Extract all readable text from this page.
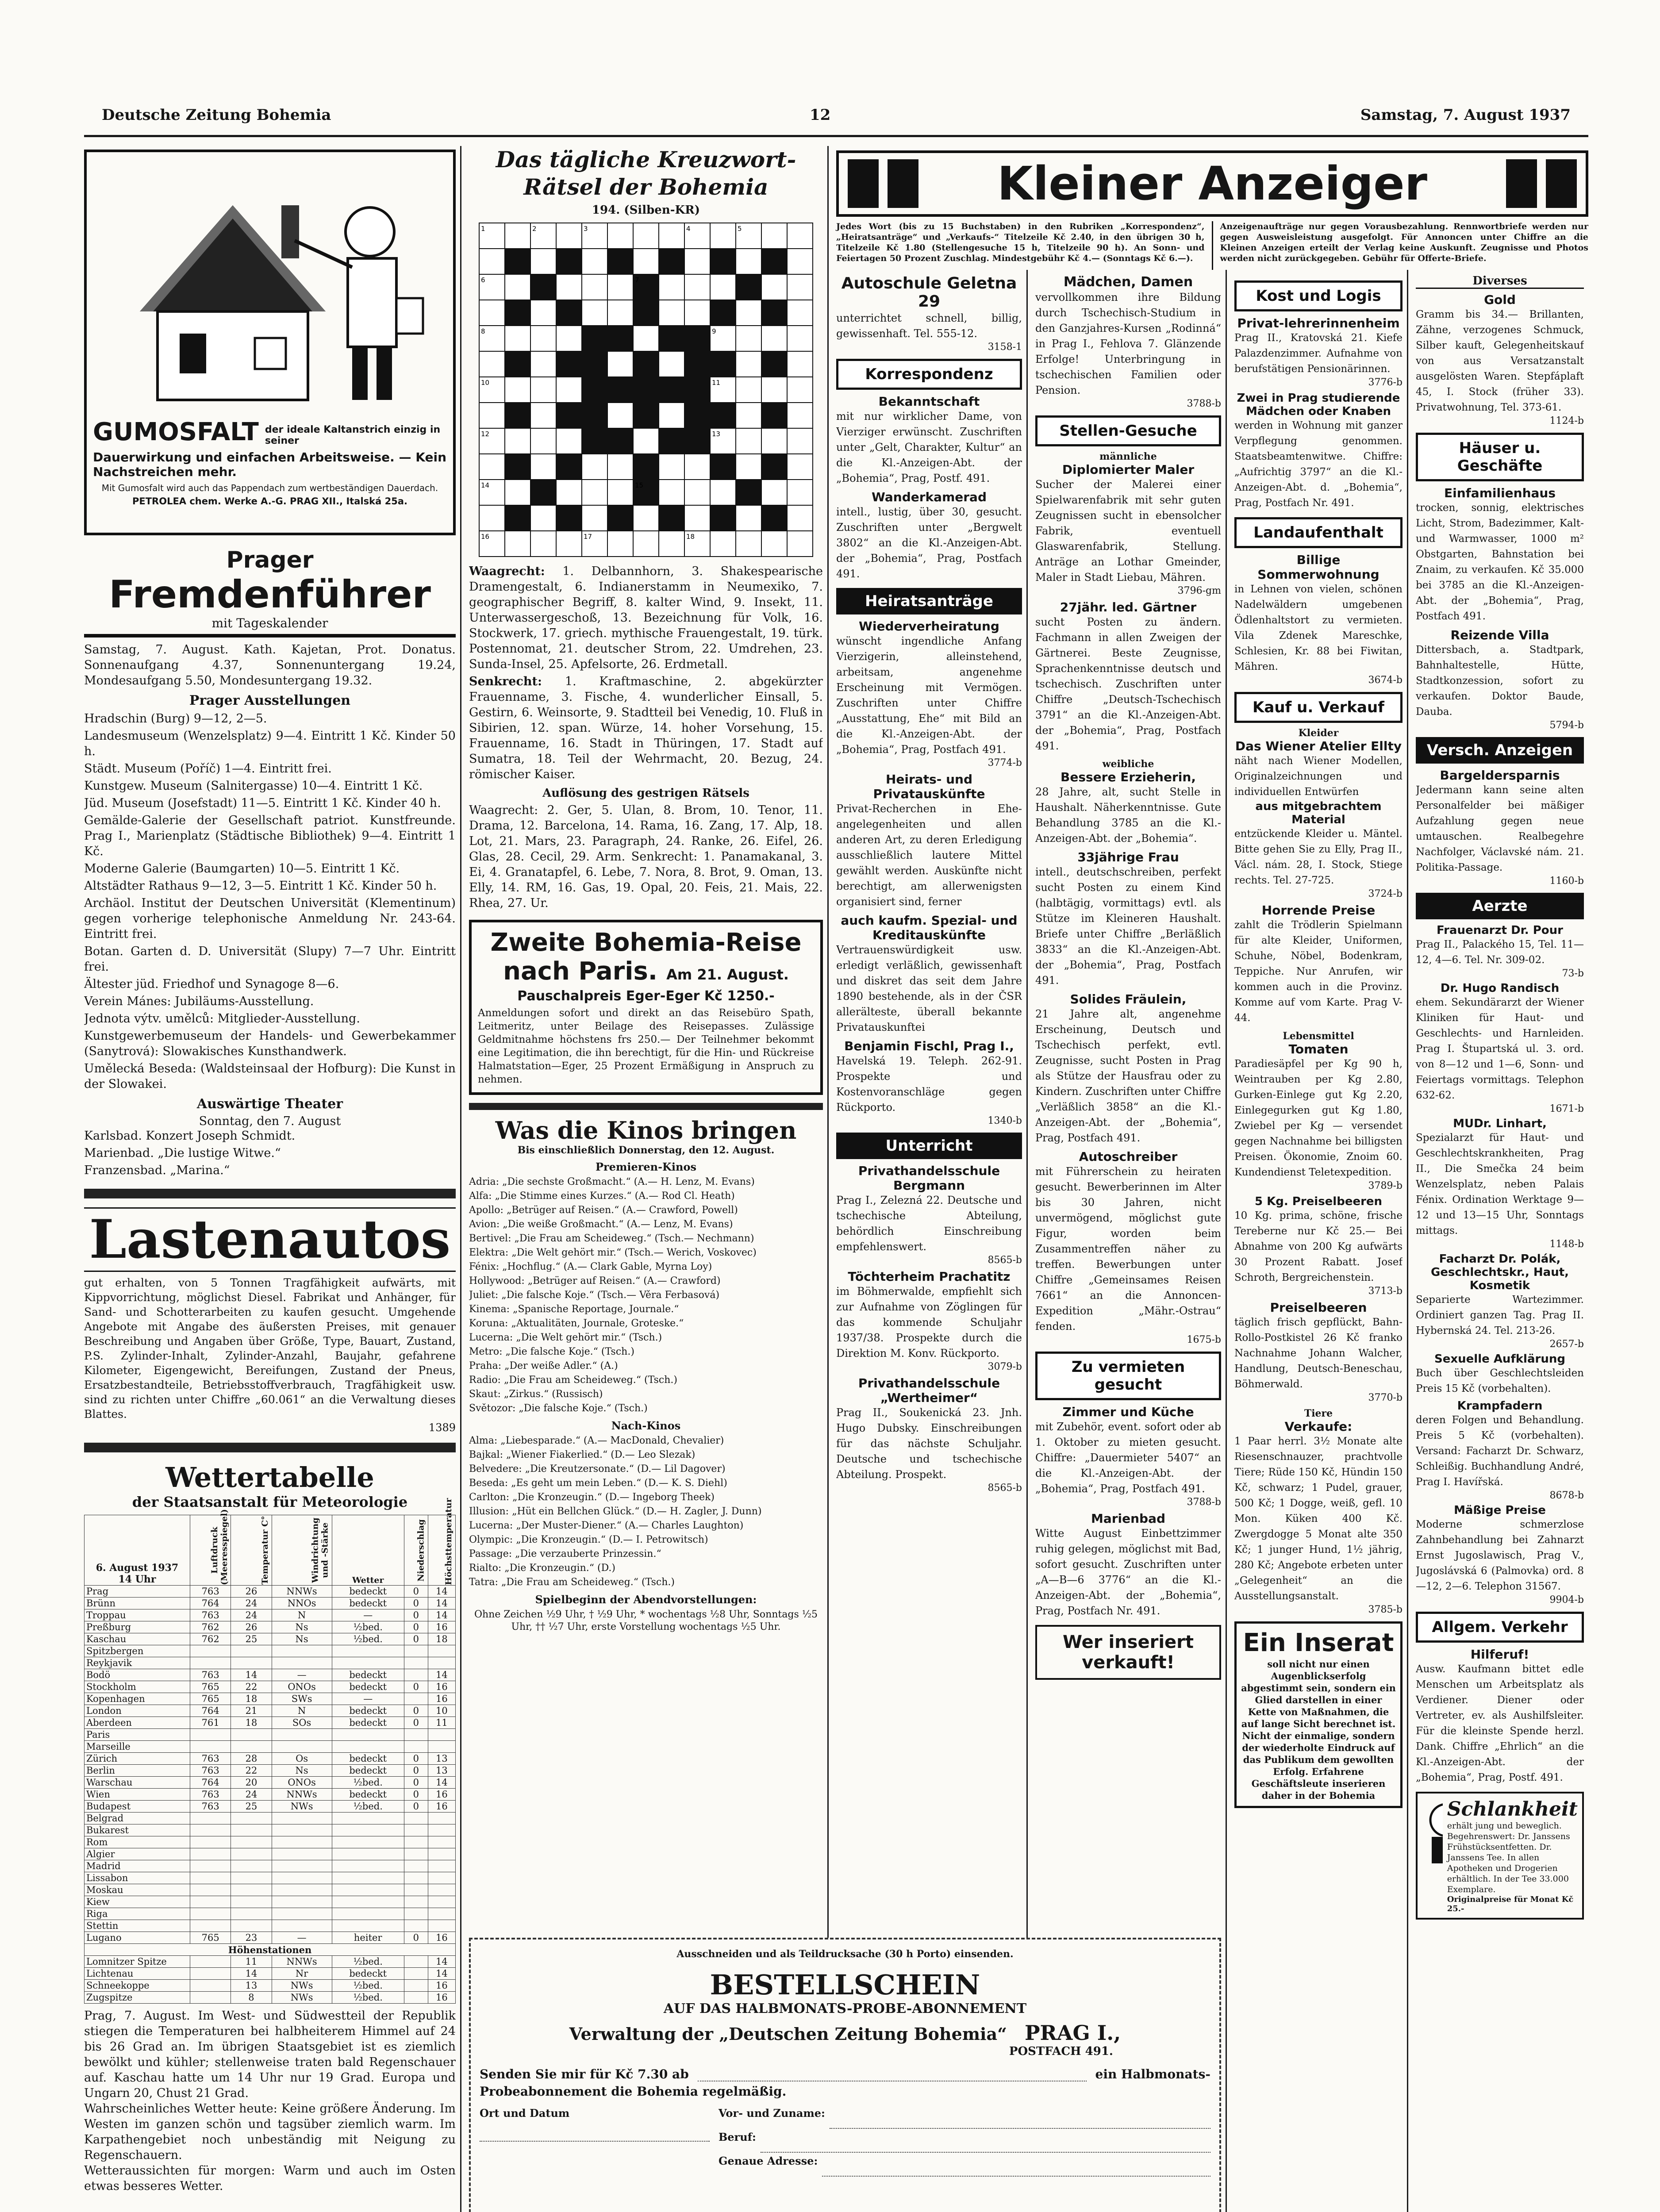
Deutsche Zeitung Bohemia	12	Samstag, 7. August 1937
GUMOSFALT der ideale Kaltanstrich einzig in seiner
Dauerwirkung und einfachen Arbeitsweise. — Kein Nachstreichen mehr.
Mit Gumosfalt wird auch das Pappendach zum wertbeständigen Dauerdach.
PETROLEA chem. Werke A.-G. PRAG XII., Italská 25a.
Prager
Fremdenführer
mit Tageskalender
Samstag, 7. August. Kath. Kajetan, Prot. Donatus. Sonnenaufgang 4.37, Sonnenuntergang 19.24, Mondesaufgang 5.50, Mondesuntergang 19.32.
Prager Ausstellungen

Hradschin (Burg) 9—12, 2—5.

Landesmuseum (Wenzelsplatz) 9—4. Eintritt 1 Kč. Kinder 50 h.

Städt. Museum (Poříč) 1—4. Eintritt frei.

Kunstgew. Museum (Salnitergasse) 10—4. Eintritt 1 Kč.

Jüd. Museum (Josefstadt) 11—5. Eintritt 1 Kč. Kinder 40 h.

Gemälde-Galerie der Gesellschaft patriot. Kunstfreunde. Prag I., Marienplatz (Städtische Bibliothek) 9—4. Eintritt 1 Kč.

Moderne Galerie (Baumgarten) 10—5. Eintritt 1 Kč.

Altstädter Rathaus 9—12, 3—5. Eintritt 1 Kč. Kinder 50 h.

Archäol. Institut der Deutschen Universität (Klementinum) gegen vorherige telephonische Anmeldung Nr. 243-64. Eintritt frei.

Botan. Garten d. D. Universität (Slupy) 7—7 Uhr. Eintritt frei.

Ältester jüd. Friedhof und Synagoge 8—6.

Verein Mánes: Jubiläums-Ausstellung.

Jednota výtv. umělců: Mitglieder-Ausstellung.

Kunstgewerbemuseum der Handels- und Gewerbekammer (Sanytrová): Slowakisches Kunsthandwerk.

Umělecká Beseda: (Waldsteinsaal der Hofburg): Die Kunst in der Slowakei.

Auswärtige Theater
Sonntag, den 7. August

Karlsbad. Konzert Joseph Schmidt.

Marienbad. „Die lustige Witwe.“

Franzensbad. „Marina.“

Lastenautos
gut erhalten, von 5 Tonnen Tragfähigkeit aufwärts, mit Kippvorrichtung, möglichst Diesel. Fabrikat und Anhänger, für Sand- und Schotterarbeiten zu kaufen gesucht. Umgehende Angebote mit Angabe des äußersten Preises, mit genauer Beschreibung und Angaben über Größe, Type, Bauart, Zustand, P.S. Zylinder-Inhalt, Zylinder-Anzahl, Baujahr, gefahrene Kilometer, Eigengewicht, Bereifungen, Zustand der Pneus, Ersatzbestandteile, Betriebsstoffverbrauch, Tragfähigkeit usw. sind zu richten unter Chiffre „60.061“ an die Verwaltung dieses Blattes.
1389
Wettertabelle
der Staatsanstalt für Meteorologie
6. August 1937
14 Uhr	Luftdruck (Meeresspiegel)	Temperatur C°	Windrichtung und -Stärke	Wetter	Niederschlag	Höchsttemperatur
Prag	763	26	NNWs	bedeckt	0	14
Brünn	764	24	NNOs	bedeckt	0	14
Troppau	763	24	N	—	0	14
Preßburg	762	26	Ns	½bed.	0	16
Kaschau	762	25	Ns	½bed.	0	18
Spitzbergen						
Reykjavik						
Bodö	763	14	—	bedeckt		14
Stockholm	765	22	ONOs	bedeckt	0	16
Kopenhagen	765	18	SWs	—		16
London	764	21	N	bedeckt	0	10
Aberdeen	761	18	SOs	bedeckt	0	11
Paris						
Marseille						
Zürich	763	28	Os	bedeckt	0	13
Berlin	763	22	Ns	bedeckt	0	13
Warschau	764	20	ONOs	½bed.	0	14
Wien	763	24	NNWs	bedeckt	0	16
Budapest	763	25	NWs	½bed.	0	16
Belgrad						
Bukarest						
Rom						
Algier						
Madrid						
Lissabon						
Moskau						
Kiew						
Riga						
Stettin						
Lugano	765	23	—	heiter	0	16
Höhenstationen						
Lomnitzer Spitze		11	NNWs	½bed.		14
Lichtenau		14	Nr	bedeckt		14
Schneekoppe		13	NWs	½bed.		16
Zugspitze		8	NWs	½bed.		16
Prag, 7. August. Im West- und Südwestteil der Republik stiegen die Temperaturen bei halbheiterem Himmel auf 24 bis 26 Grad an. Im übrigen Staatsgebiet ist es ziemlich bewölkt und kühler; stellenweise traten bald Regenschauer auf. Kaschau hatte um 14 Uhr nur 19 Grad. Europa und Ungarn 20, Chust 21 Grad.
Wahrscheinliches Wetter heute: Keine größere Änderung. Im Westen im ganzen schön und tagsüber ziemlich warm. Im Karpathengebiet noch unbeständig mit Neigung zu Regenschauern.
Wetteraussichten für morgen: Warm und auch im Osten etwas besseres Wetter.
Das tägliche Kreuzwort-
Rätsel der Bohemia
194. (Silben-KR)
1	2	3	4	5
6	7
8	9
10	11
12	13
14	15
16	17	18

Waagrecht: 1. Delbannhorn, 3. Shakespearische Dramengestalt, 6. Indianerstamm in Neumexiko, 7. geographischer Begriff, 8. kalter Wind, 9. Insekt, 11. Unterwassergeschoß, 13. Bezeichnung für Volk, 16. Stockwerk, 17. griech. mythische Frauengestalt, 19. türk. Postennomat, 21. deutscher Strom, 22. Umdrehen, 23. Sunda-Insel, 25. Apfelsorte, 26. Erdmetall.

Senkrecht: 1. Kraftmaschine, 2. abgekürzter Frauenname, 3. Fische, 4. wunderlicher Einsall, 5. Gestirn, 6. Weinsorte, 9. Stadtteil bei Venedig, 10. Fluß in Sibirien, 12. span. Würze, 14. hoher Vorsehung, 15. Frauenname, 16. Stadt in Thüringen, 17. Stadt auf Sumatra, 18. Teil der Wehrmacht, 20. Bezug, 24. römischer Kaiser.

Auflösung des gestrigen Rätsels
Waagrecht: 2. Ger, 5. Ulan, 8. Brom, 10. Tenor, 11. Drama, 12. Barcelona, 14. Rama, 16. Zang, 17. Alp, 18. Lot, 21. Mars, 23. Paragraph, 24. Ranke, 26. Eifel, 26. Glas, 28. Cecil, 29. Arm. Senkrecht: 1. Panamakanal, 3. Ei, 4. Granatapfel, 6. Lebe, 7. Nora, 8. Brot, 9. Oman, 13. Elly, 14. RM, 16. Gas, 19. Opal, 20. Feis, 21. Mais, 22. Rhea, 27. Ur.
Zweite Bohemia-Reise
nach Paris. Am 21. August.
Pauschalpreis Eger-Eger Kč 1250.-
Anmeldungen sofort und direkt an das Reisebüro Spath, Leitmeritz, unter Beilage des Reisepasses. Zulässige Geldmitnahme höchstens frs 250.— Der Teilnehmer bekommt eine Legitimation, die ihn berechtigt, für die Hin- und Rückreise Halmatstation—Eger, 25 Prozent Ermäßigung in Anspruch zu nehmen.
Was die Kinos bringen
Bis einschließlich Donnerstag, den 12. August.
Premieren-Kinos

Adria: „Die sechste Großmacht.“ (A.— H. Lenz, M. Evans)

Alfa: „Die Stimme eines Kurzes.“ (A.— Rod Cl. Heath)

Apollo: „Betrüger auf Reisen.“ (A.— Crawford, Powell)

Avion: „Die weiße Großmacht.“ (A.— Lenz, M. Evans)

Bertivel: „Die Frau am Scheideweg.“ (Tsch.— Nechmann)

Elektra: „Die Welt gehört mir.“ (Tsch.— Werich, Voskovec)

Fénix: „Hochflug.“ (A.— Clark Gable, Myrna Loy)

Hollywood: „Betrüger auf Reisen.“ (A.— Crawford)

Juliet: „Die falsche Koje.“ (Tsch.— Věra Ferbasová)

Kinema: „Spanische Reportage, Journale.“

Koruna: „Aktualitäten, Journale, Groteske.“

Lucerna: „Die Welt gehört mir.“ (Tsch.)

Metro: „Die falsche Koje.“ (Tsch.)

Praha: „Der weiße Adler.“ (A.)

Radio: „Die Frau am Scheideweg.“ (Tsch.)

Skaut: „Zirkus.“ (Russisch)

Světozor: „Die falsche Koje.“ (Tsch.)

Nach-Kinos

Alma: „Liebesparade.“ (A.— MacDonald, Chevalier)

Bajkal: „Wiener Fiakerlied.“ (D.— Leo Slezak)

Belvedere: „Die Kreutzersonate.“ (D.— Lil Dagover)

Beseda: „Es geht um mein Leben.“ (D.— K. S. Diehl)

Carlton: „Die Kronzeugin.“ (D.— Ingeborg Theek)

Illusion: „Hüt ein Bellchen Glück.“ (D.— H. Zagler, J. Dunn)

Lucerna: „Der Muster-Diener.“ (A.— Charles Laughton)

Olympic: „Die Kronzeugin.“ (D.— I. Petrowitsch)

Passage: „Die verzauberte Prinzessin.“

Rialto: „Die Kronzeugin.“ (D.)

Tatra: „Die Frau am Scheideweg.“ (Tsch.)

Spielbeginn der Abendvorstellungen:
Ohne Zeichen ½9 Uhr, † ½9 Uhr, * wochentags ½8 Uhr, Sonntags ½5 Uhr, †† ½7 Uhr, erste Vorstellung wochentags ½5 Uhr.
Ausschneiden und als Teildrucksache (30 h Porto) einsenden.
BESTELLSCHEIN
AUF DAS HALBMONATS-PROBE-ABONNEMENT
Verwaltung der „Deutschen Zeitung Bohemia“ PRAG I.,
POSTFACH 491.
Senden Sie mir für Kč 7.30 ab	ein Halbmonats-
Probeabonnement die Bohemia regelmäßig.
Ort und Datum	Vor- und Zuname:
Beruf:
Genaue Adresse:
Kleiner Anzeiger
Jedes Wort (bis zu 15 Buchstaben) in den Rubriken „Korrespondenz“, „Heiratsanträge“ und „Verkaufs-“ Titelzeile Kč 2.40, in den übrigen 30 h, Titelzeile Kč 1.80 (Stellengesuche 15 h, Titelzeile 90 h). An Sonn- und Feiertagen 50 Prozent Zuschlag. Mindestgebühr Kč 4.— (Sonntags Kč 6.—).
Anzeigenaufträge nur gegen Vorausbezahlung. Rennwortbriefe werden nur gegen Ausweisleistung ausgefolgt. Für Annoncen unter Chiffre an die Kleinen Anzeigen erteilt der Verlag keine Auskunft. Zeugnisse und Photos werden nicht zurückgegeben. Gebühr für Offerte-Briefe.
Autoschule Geletna 29
unterrichtet schnell, billig, gewissenhaft. Tel. 555-12.
3158-1
Korrespondenz
Bekanntschaft
mit nur wirklicher Dame, von Vierziger erwünscht. Zuschriften unter „Gelt, Charakter, Kultur“ an die Kl.-Anzeigen-Abt. der „Bohemia“, Prag, Postf. 491.
Wanderkamerad
intell., lustig, über 30, gesucht. Zuschriften unter „Bergwelt 3802“ an die Kl.-Anzeigen-Abt. der „Bohemia“, Prag, Postfach 491.
Heiratsanträge
Wiederverheiratung
wünscht ingendliche Anfang Vierzigerin, alleinstehend, arbeitsam, angenehme Erscheinung mit Vermögen. Zuschriften unter Chiffre „Ausstattung, Ehe“ mit Bild an die Kl.-Anzeigen-Abt. der „Bohemia“, Prag, Postfach 491.
3774-b
Heirats- und Privatauskünfte
Privat-Recherchen in Ehe- angelegenheiten und allen anderen Art, zu deren Erledigung ausschließlich lautere Mittel gewählt werden. Auskünfte nicht berechtigt, am allerwenigsten organisiert sind, ferner
auch kaufm. Spezial- und Kreditauskünfte
Vertrauenswürdigkeit usw. erledigt verläßlich, gewissenhaft und diskret das seit dem Jahre 1890 bestehende, als in der ČSR allerälteste, überall bekannte Privatauskunftei
Benjamin Fischl, Prag I.,
Havelská 19. Teleph. 262-91. Prospekte und Kostenvoranschläge gegen Rückporto.
1340-b
Unterricht
Privathandelsschule Bergmann
Prag I., Zelezná 22. Deutsche und tschechische Abteilung, behördlich Einschreibung empfehlenswert.
8565-b
Töchterheim Prachatitz
im Böhmerwalde, empfiehlt sich zur Aufnahme von Zöglingen für das kommende Schuljahr 1937/38. Prospekte durch die Direktion M. Konv. Rückporto.
3079-b
Privathandelsschule „Wertheimer“
Prag II., Soukenická 23. Jnh. Hugo Dubsky. Einschreibungen für das nächste Schuljahr. Deutsche und tschechische Abteilung. Prospekt.
8565-b
Mädchen, Damen
vervollkommen ihre Bildung durch Tschechisch-Studium in den Ganzjahres-Kursen „Rodinná“ in Prag I., Fehlova 7. Glänzende Erfolge! Unterbringung in tschechischen Familien oder Pension.
3788-b
Stellen-Gesuche
männliche
Diplomierter Maler
Sucher der Malerei einer Spielwarenfabrik mit sehr guten Zeugnissen sucht in ebensolcher Fabrik, eventuell Glaswarenfabrik, Stellung. Anträge an Lothar Gmeinder, Maler in Stadt Liebau, Mähren.
3796-gm
27jähr. led. Gärtner
sucht Posten zu ändern. Fachmann in allen Zweigen der Gärtnerei. Beste Zeugnisse, Sprachenkenntnisse deutsch und tschechisch. Zuschriften unter Chiffre „Deutsch-Tschechisch 3791“ an die Kl.-Anzeigen-Abt. der „Bohemia“, Prag, Postfach 491.
weibliche
Bessere Erzieherin,
28 Jahre, alt, sucht Stelle in Haushalt. Näherkenntnisse. Gute Behandlung 3785 an die Kl.-Anzeigen-Abt. der „Bohemia“.
33jährige Frau
intell., deutschschreiben, perfekt sucht Posten zu einem Kind (halbtägig, vormittags) evtl. als Stütze im Kleineren Haushalt. Briefe unter Chiffre „Berläßlich 3833“ an die Kl.-Anzeigen-Abt. der „Bohemia“, Prag, Postfach 491.
Solides Fräulein,
21 Jahre alt, angenehme Erscheinung, Deutsch und Tschechisch perfekt, evtl. Zeugnisse, sucht Posten in Prag als Stütze der Hausfrau oder zu Kindern. Zuschriften unter Chiffre „Verläßlich 3858“ an die Kl.-Anzeigen-Abt. der „Bohemia“, Prag, Postfach 491.
Autoschreiber
mit Führerschein zu heiraten gesucht. Bewerberinnen im Alter bis 30 Jahren, nicht unvermögend, möglichst gute Figur, worden beim Zusammentreffen näher zu treffen. Bewerbungen unter Chiffre „Gemeinsames Reisen 7661“ an die Annoncen-Expedition „Mähr.-Ostrau“ fenden.
1675-b
Zu vermieten gesucht
Zimmer und Küche
mit Zubehör, event. sofort oder ab 1. Oktober zu mieten gesucht. Chiffre: „Dauermieter 5407“ an die Kl.-Anzeigen-Abt. der „Bohemia“, Prag, Postfach 491.
3788-b
Marienbad
Witte August Einbettzimmer ruhig gelegen, möglichst mit Bad, sofort gesucht. Zuschriften unter „A—B—6 3776“ an die Kl.-Anzeigen-Abt. der „Bohemia“, Prag, Postfach Nr. 491.
Wer inseriert verkauft!
Kost und Logis
Privat-lehrerinnenheim
Prag II., Kratovská 21. Kiefe Palazdenzimmer. Aufnahme von berufstätigen Pensionärinnen.
3776-b
Zwei in Prag studierende Mädchen oder Knaben
werden in Wohnung mit ganzer Verpflegung genommen. Staatsbeamtenwitwe. Chiffre: „Aufrichtig 3797“ an die Kl.-Anzeigen-Abt. d. „Bohemia“, Prag, Postfach Nr. 491.
Landaufenthalt
Billige Sommerwohnung
in Lehnen von vielen, schönen Nadelwäldern umgebenen Ödlenhaltstort zu vermieten. Vila Zdenek Mareschke, Schlesien, Kr. 88 bei Fiwitan, Mähren.
3674-b
Kauf u. Verkauf
Kleider
Das Wiener Atelier Ellty
näht nach Wiener Modellen, Originalzeichnungen und individuellen Entwürfen
aus mitgebrachtem Material
entzückende Kleider u. Mäntel. Bitte gehen Sie zu Elly, Prag II., Václ. nám. 28, I. Stock, Stiege rechts. Tel. 27-725.
3724-b
Horrende Preise
zahlt die Trödlerin Spielmann für alte Kleider, Uniformen, Schuhe, Nöbel, Bodenkram, Teppiche. Nur Anrufen, wir kommen auch in die Provinz. Komme auf vom Karte. Prag V-44.
Lebensmittel
Tomaten
Paradiesäpfel per Kg 90 h, Weintrauben per Kg 2.80, Gurken-Einlege gut Kg 2.20, Einlegegurken gut Kg 1.80, Zwiebel per Kg — versendet gegen Nachnahme bei billigsten Preisen. Ökonomie, Znoim 60. Kundendienst Teletexpedition.
3789-b
5 Kg. Preiselbeeren
10 Kg. prima, schöne, frische Tereberne nur Kč 25.— Bei Abnahme von 200 Kg aufwärts 30 Prozent Rabatt. Josef Schroth, Bergreichenstein.
3713-b
Preiselbeeren
täglich frisch gepflückt, Bahn-Rollo-Postkistel 26 Kč franko Nachnahme Johann Walcher, Handlung, Deutsch-Beneschau, Böhmerwald.
3770-b
Tiere
Verkaufe:
1 Paar herrl. 3½ Monate alte Riesenschnauzer, prachtvolle Tiere; Rüde 150 Kč, Hündin 150 Kč, schwarz; 1 Pudel, grauer, 500 Kč; 1 Dogge, weiß, gefl. 10 Mon. Küken 400 Kč. Zwergdogge 5 Monat alte 350 Kč; 1 junger Hund, 1½ jährig, 280 Kč; Angebote erbeten unter „Gelegenheit“ an die Ausstellungsanstalt.
3785-b
Ein Inserat
soll nicht nur einen Augenblickserfolg abgestimmt sein, sondern ein Glied darstellen in einer Kette von Maßnahmen, die auf lange Sicht berechnet ist. Nicht der einmalige, sondern der wiederholte Eindruck auf das Publikum dem gewollten Erfolg. Erfahrene Geschäftsleute inserieren daher in der Bohemia
Diverses
Gold
Gramm bis 34.— Brillanten, Zähne, verzogenes Schmuck, Silber kauft, Gelegenheitskauf von aus Versatzanstalt ausgelösten Waren. Stepfáplaft 45, I. Stock (früher 33). Privatwohnung, Tel. 373-61.
1124-b
Häuser u. Geschäfte
Einfamilienhaus
trocken, sonnig, elektrisches Licht, Strom, Badezimmer, Kalt- und Warmwasser, 1000 m² Obstgarten, Bahnstation bei Znaim, zu verkaufen. Kč 35.000 bei 3785 an die Kl.-Anzeigen-Abt. der „Bohemia“, Prag, Postfach 491.
Reizende Villa
Dittersbach, a. Stadtpark, Bahnhaltestelle, Hütte, Stadtkonzession, sofort zu verkaufen. Doktor Baude, Dauba.
5794-b
Versch. Anzeigen
Bargeldersparnis
Jedermann kann seine alten Personalfelder bei mäßiger Aufzahlung gegen neue umtauschen. Realbegehre Nachfolger, Václavské nám. 21. Politika-Passage.
1160-b
Aerzte
Frauenarzt Dr. Pour
Prag II., Palackého 15, Tel. 11—12, 4—6. Tel. Nr. 309-02.
73-b
Dr. Hugo Randisch
ehem. Sekundärarzt der Wiener Kliniken für Haut- und Geschlechts- und Harnleiden. Prag I. Štupartská ul. 3. ord. von 8—12 und 1—6, Sonn- und Feiertags vormittags. Telephon 632-62.
1671-b
MUDr. Linhart,
Spezialarzt für Haut- und Geschlechtskrankheiten, Prag II., Die Smečka 24 beim Wenzelsplatz, neben Palais Fénix. Ordination Werktage 9—12 und 13—15 Uhr, Sonntags mittags.
1148-b
Facharzt Dr. Polák, Geschlechtskr., Haut, Kosmetik
Separierte Wartezimmer. Ordiniert ganzen Tag. Prag II. Hybernská 24. Tel. 213-26.
2657-b
Sexuelle Aufklärung
Buch über Geschlechtsleiden Preis 15 Kč (vorbehalten).
Krampfadern
deren Folgen und Behandlung. Preis 5 Kč (vorbehalten). Versand: Facharzt Dr. Schwarz, Schleißig. Buchhandlung André, Prag I. Havířská.
8678-b
Mäßige Preise
Moderne schmerzlose Zahnbehandlung bei Zahnarzt Ernst Jugoslawisch, Prag V., Jugoslávská 6 (Palmovka) ord. 8—12, 2—6. Telephon 31567.
9904-b
Allgem. Verkehr
Hilferuf!
Ausw. Kaufmann bittet edle Menschen um Arbeitsplatz als Verdiener. Diener oder Vertreter, ev. als Aushilfsleiter. Für die kleinste Spende herzl. Dank. Chiffre „Ehrlich“ an die Kl.-Anzeigen-Abt. der „Bohemia“, Prag, Postf. 491.
Schlankheit
erhält jung und beweglich. Begehrenswert: Dr. Janssens Frühstücksentfetten. Dr. Janssens Tee. In allen Apotheken und Drogerien erhältlich. In der Tee 33.000 Exemplare.
Originalpreise für Monat Kč 25.-
